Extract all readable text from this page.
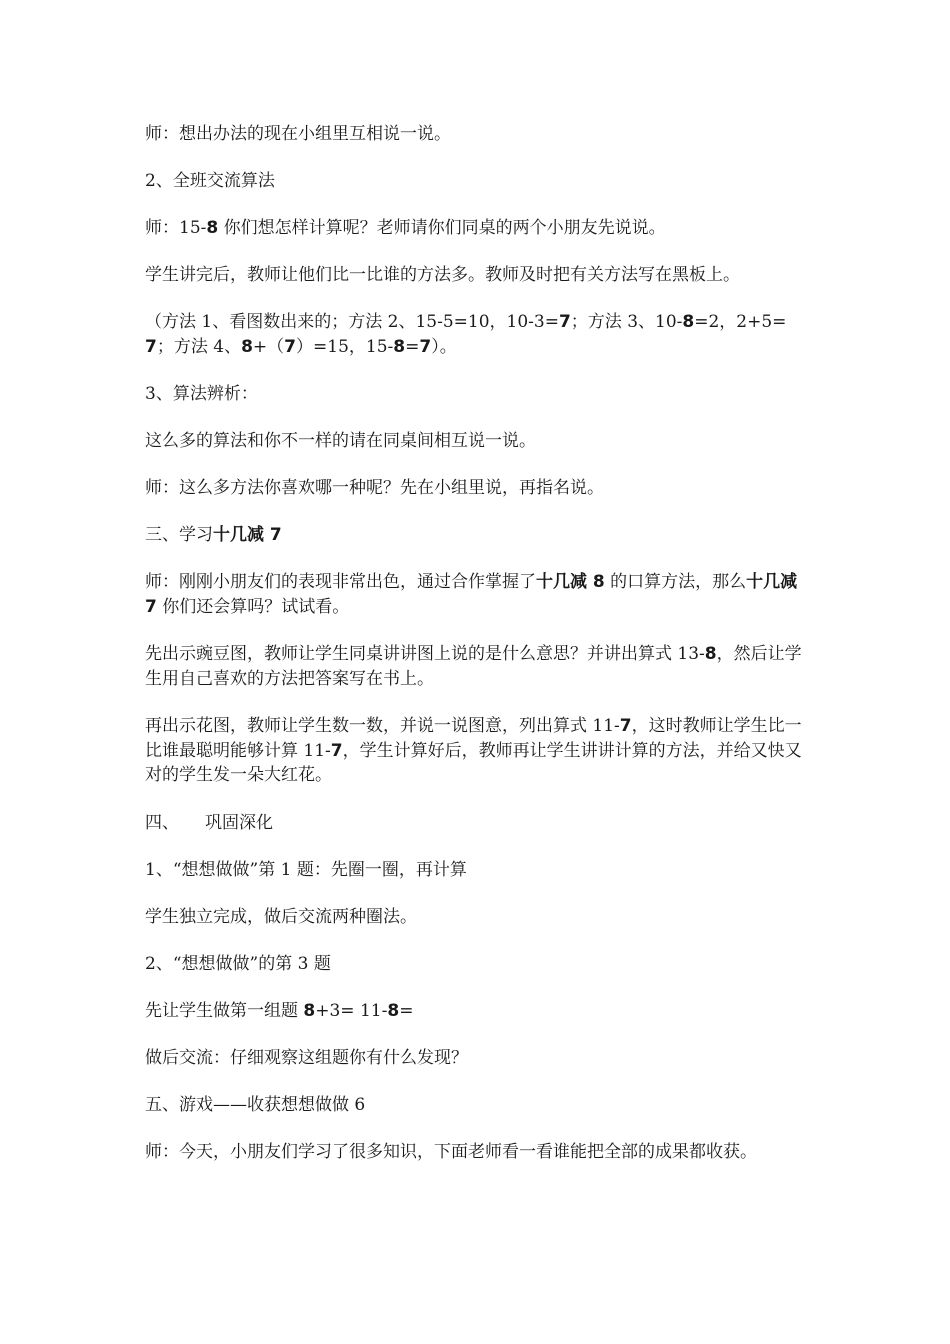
师：想出办法的现在小组里互相说一说。

2、全班交流算法

师：15-8 你们想怎样计算呢？老师请你们同桌的两个小朋友先说说。

学生讲完后，教师让他们比一比谁的方法多。教师及时把有关方法写在黑板上。

（方法 1、看图数出来的；方法 2、15-5=10，10-3=7；方法 3、10-8=2，2+5=7；方法 4、8+（7）=15，15-8=7）。

3、算法辨析：

这么多的算法和你不一样的请在同桌间相互说一说。

师：这么多方法你喜欢哪一种呢？先在小组里说，再指名说。

三、学习十几减 7

师：刚刚小朋友们的表现非常出色，通过合作掌握了十几减 8 的口算方法，那么十几减 7 你们还会算吗？试试看。

先出示豌豆图，教师让学生同桌讲讲图上说的是什么意思？并讲出算式 13-8，然后让学生用自己喜欢的方法把答案写在书上。

再出示花图，教师让学生数一数，并说一说图意，列出算式 11-7，这时教师让学生比一比谁最聪明能够计算 11-7，学生计算好后，教师再让学生讲讲计算的方法，并给又快又对的学生发一朵大红花。

四、 巩固深化

1、“想想做做”第 1 题：先圈一圈，再计算

学生独立完成，做后交流两种圈法。

2、“想想做做”的第 3 题

先让学生做第一组题 8+3= 11-8=

做后交流：仔细观察这组题你有什么发现？

五、游戏——收获想想做做 6

师：今天，小朋友们学习了很多知识，下面老师看一看谁能把全部的成果都收获。
